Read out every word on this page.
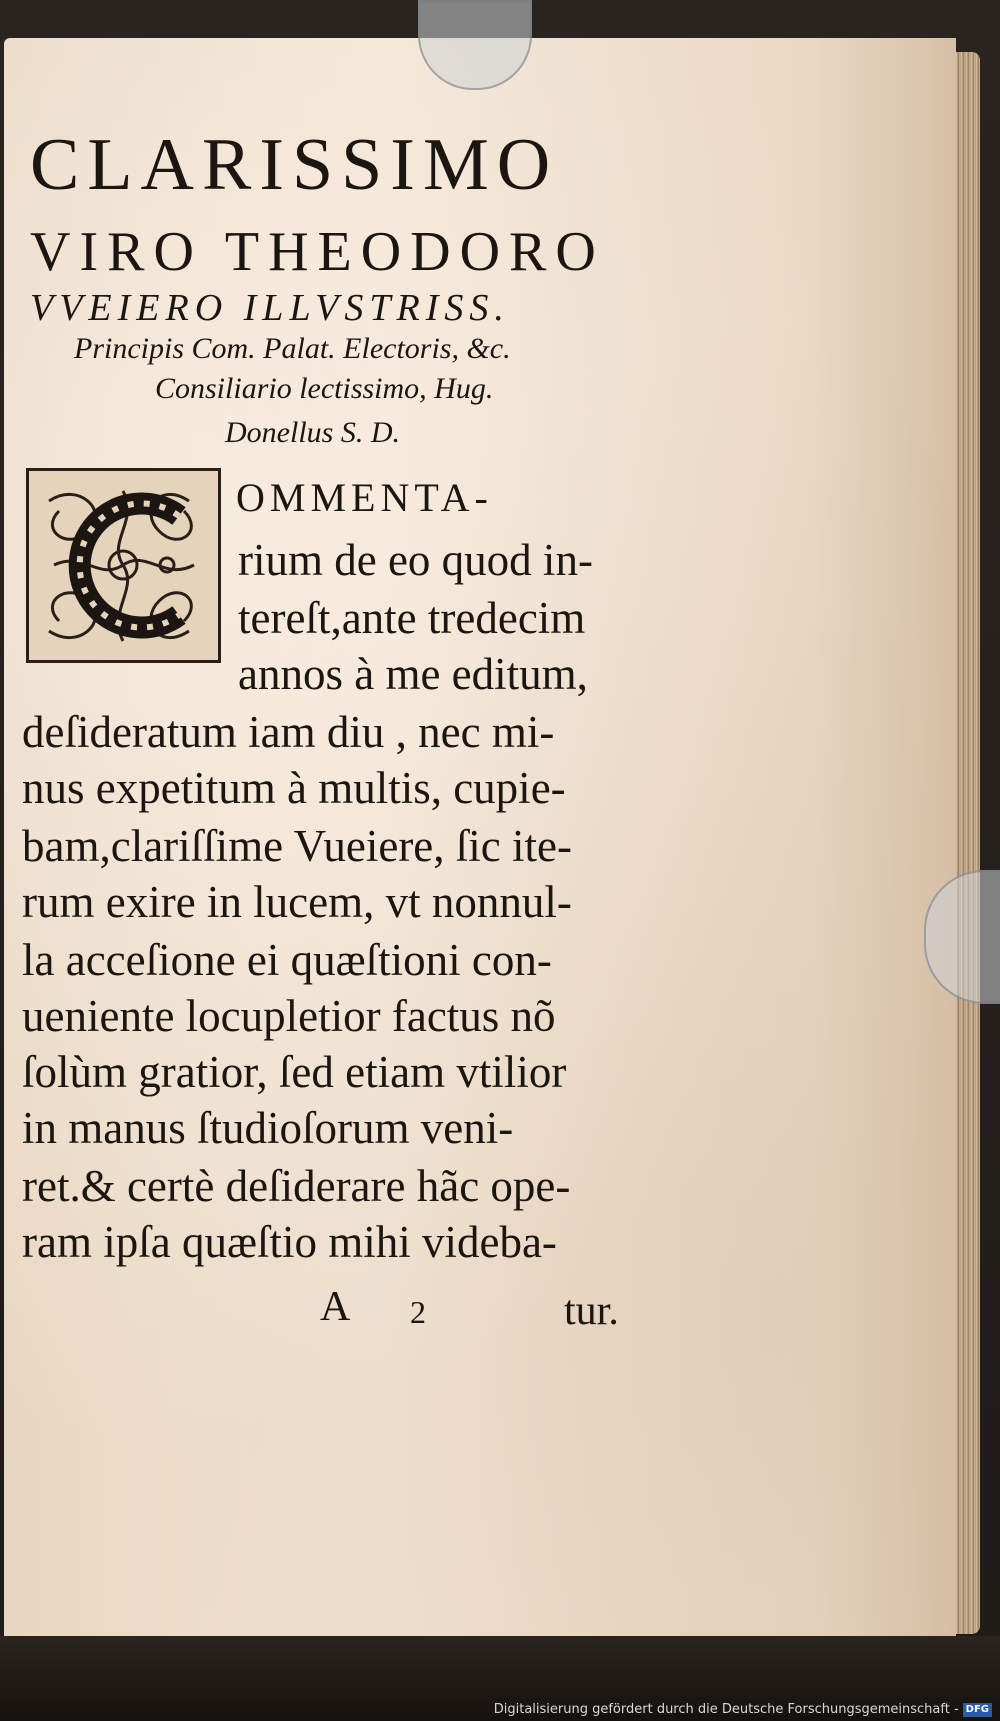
CLARISSIMO

VIRO THEODORO

VVEIERO ILLVSTRISS.

Principis Com. Palat. Electoris, &c.

Consiliario lectissimo, Hug.

Donellus S. D.

OMMENTA-

rium de eo quod in-

tereſt,ante tredecim

annos à me editum,

deſideratum iam diu , nec mi-

nus expetitum à multis, cupie-

bam,clariſſime Vueiere, ſic ite-

rum exire in lucem, vt nonnul-

la acceſione ei quæſtioni con-

ueniente locupletior factus nõ

ſolùm gratior, ſed etiam vtilior

in manus ſtudioſorum veni-

ret.& certè deſiderare hãc ope-

ram ipſa quæſtio mihi videba-

A 2	tur.

Digitalisierung gefördert durch die Deutsche Forschungsgemeinschaft - DFG
